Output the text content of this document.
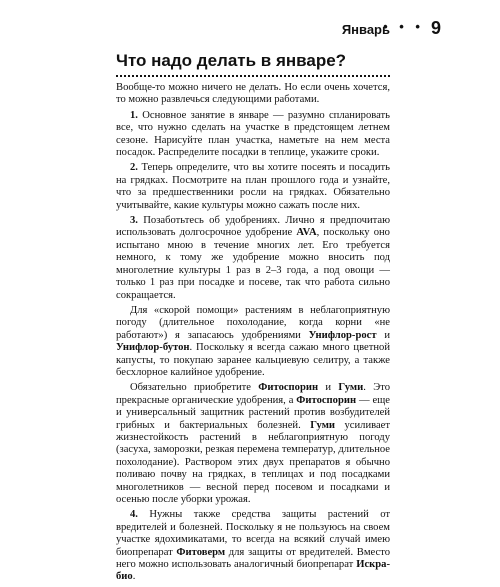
Январь
• • • 9
Что надо делать в январе?

Вообще-то можно ничего не делать. Но если очень хочется, то можно развлечься следующими работами.

1. Основное занятие в январе — разумно спланировать все, что нужно сделать на участке в предстоящем летнем сезоне. Нарисуйте план участка, наметьте на нем места посадок. Распределите посадки в теплице, укажите сроки.

2. Теперь определите, что вы хотите посеять и посадить на грядках. Посмотрите на план прошлого года и узнайте, что за предшественники росли на грядках. Обязательно учитывайте, какие культуры можно сажать после них.

3. Позаботьтесь об удобрениях. Лично я предпочитаю использовать долгосрочное удобрение AVA, поскольку оно испытано мною в течение многих лет. Его требуется немного, к тому же удобрение можно вносить под многолетние культуры 1 раз в 2–3 года, а под овощи — только 1 раз при посадке и посеве, так что работа сильно сокращается.

Для «скорой помощи» растениям в неблагоприятную погоду (длительное похолодание, когда корни «не работают») я запасаюсь удобрениями Унифлор-рост и Унифлор-бутон. Поскольку я всегда сажаю много цветной капусты, то покупаю заранее кальциевую селитру, а также бесхлорное калийное удобрение.

Обязательно приобретите Фитоспорин и Гуми. Это прекрасные органические удобрения, а Фитоспорин — еще и универсальный защитник растений против возбудителей грибных и бактериальных болезней. Гуми усиливает жизнестойкость растений в неблагоприятную погоду (засуха, заморозки, резкая перемена температур, длительное похолодание). Раствором этих двух препаратов я обычно поливаю почву на грядках, в теплицах и под посадками многолетников — весной перед посевом и посадками и осенью после уборки урожая.

4. Нужны также средства защиты растений от вредителей и болезней. Поскольку я не пользуюсь на своем участке ядохимикатами, то всегда на всякий случай имею биопрепарат Фитоверм для защиты от вредителей. Вместо него можно использовать аналогичный биопрепарат Искра-био.
